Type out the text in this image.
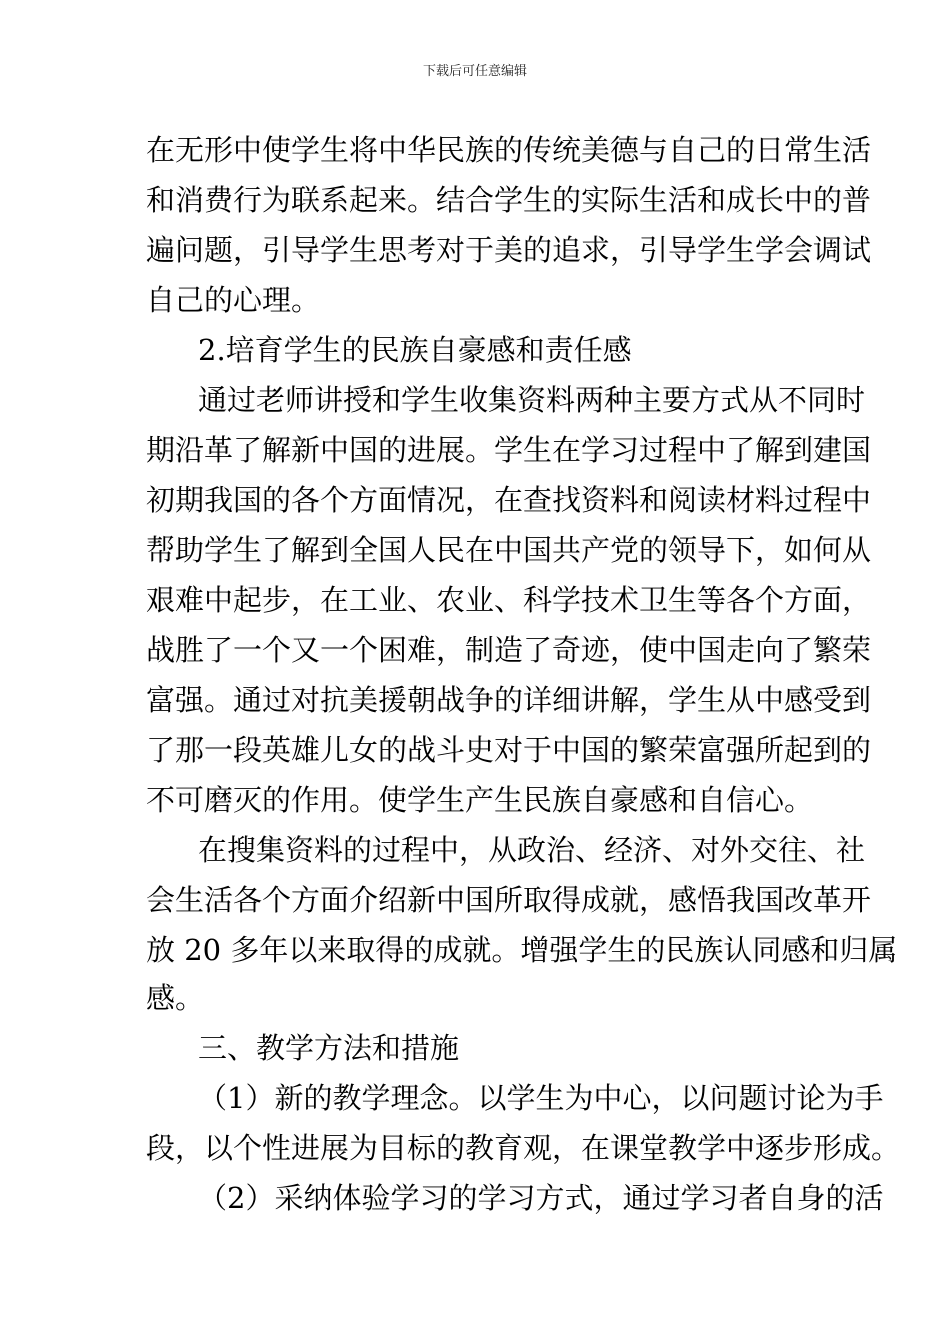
下载后可任意编辑
在无形中使学生将中华民族的传统美德与自己的日常生活
和消费行为联系起来。结合学生的实际生活和成长中的普
遍问题，引导学生思考对于美的追求，引导学生学会调试
自己的心理。
2.培育学生的民族自豪感和责任感
通过老师讲授和学生收集资料两种主要方式从不同时
期沿革了解新中国的进展。学生在学习过程中了解到建国
初期我国的各个方面情况，在查找资料和阅读材料过程中
帮助学生了解到全国人民在中国共产党的领导下，如何从
艰难中起步，在工业、农业、科学技术卫生等各个方面，
战胜了一个又一个困难，制造了奇迹，使中国走向了繁荣
富强。通过对抗美援朝战争的详细讲解，学生从中感受到
了那一段英雄儿女的战斗史对于中国的繁荣富强所起到的
不可磨灭的作用。使学生产生民族自豪感和自信心。
在搜集资料的过程中，从政治、经济、对外交往、社
会生活各个方面介绍新中国所取得成就，感悟我国改革开
放 20 多年以来取得的成就。增强学生的民族认同感和归属
感。
三、教学方法和措施
（1）新的教学理念。以学生为中心，以问题讨论为手
段，以个性进展为目标的教育观，在课堂教学中逐步形成。
（2）采纳体验学习的学习方式，通过学习者自身的活
